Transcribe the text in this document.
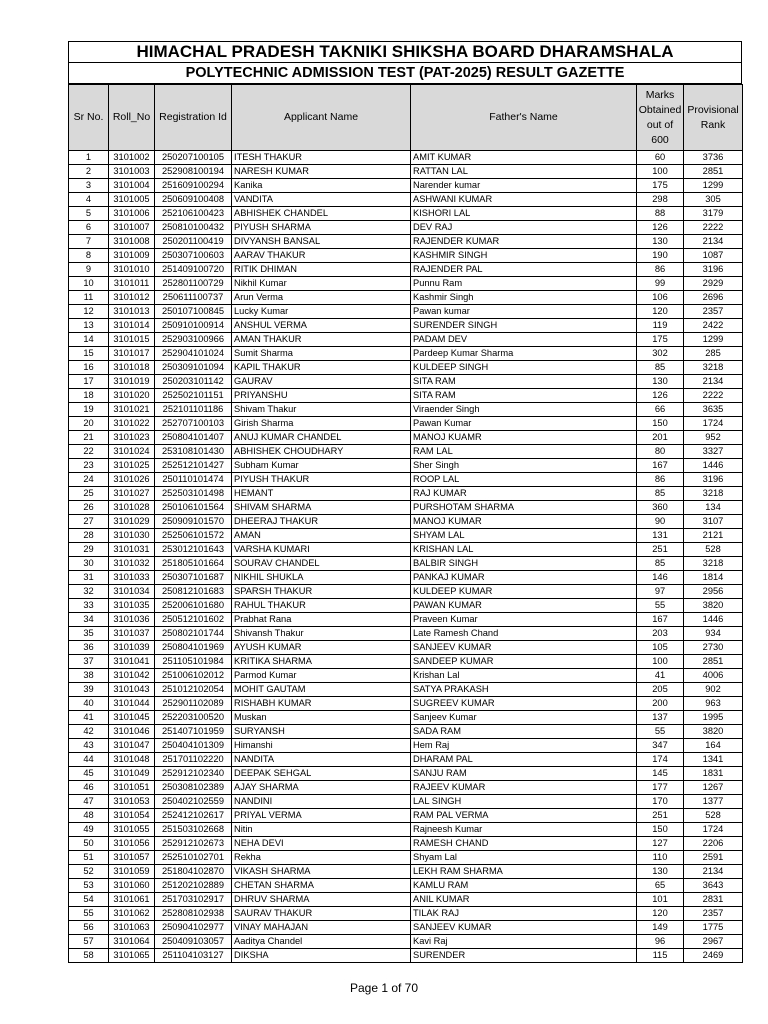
HIMACHAL PRADESH TAKNIKI SHIKSHA BOARD DHARAMSHALA
POLYTECHNIC ADMISSION TEST (PAT-2025) RESULT GAZETTE
Sr No.	Roll_No	Registration Id	Applicant Name	Father's Name	Marks Obtained out of 600	Provisional Rank
1	3101002	250207100105	ITESH THAKUR	AMIT KUMAR	60	3736
2	3101003	252908100194	NARESH KUMAR	RATTAN LAL	100	2851
3	3101004	251609100294	Kanika	Narender kumar	175	1299
4	3101005	250609100408	VANDITA	ASHWANI KUMAR	298	305
5	3101006	252106100423	ABHISHEK CHANDEL	KISHORI LAL	88	3179
6	3101007	250810100432	PIYUSH SHARMA	DEV RAJ	126	2222
7	3101008	250201100419	DIVYANSH BANSAL	RAJENDER KUMAR	130	2134
8	3101009	250307100603	AARAV THAKUR	KASHMIR SINGH	190	1087
9	3101010	251409100720	RITIK DHIMAN	RAJENDER PAL	86	3196
10	3101011	252801100729	Nikhil Kumar	Punnu Ram	99	2929
11	3101012	250611100737	Arun Verma	Kashmir Singh	106	2696
12	3101013	250107100845	Lucky Kumar	Pawan kumar	120	2357
13	3101014	250910100914	ANSHUL VERMA	SURENDER SINGH	119	2422
14	3101015	252903100966	AMAN THAKUR	PADAM DEV	175	1299
15	3101017	252904101024	Sumit Sharma	Pardeep Kumar Sharma	302	285
16	3101018	250309101094	KAPIL THAKUR	KULDEEP SINGH	85	3218
17	3101019	250203101142	GAURAV	SITA RAM	130	2134
18	3101020	252502101151	PRIYANSHU	SITA RAM	126	2222
19	3101021	252101101186	Shivam Thakur	Viraender Singh	66	3635
20	3101022	252707100103	Girish Sharma	Pawan Kumar	150	1724
21	3101023	250804101407	ANUJ KUMAR CHANDEL	MANOJ KUAMR	201	952
22	3101024	253108101430	ABHISHEK CHOUDHARY	RAM LAL	80	3327
23	3101025	252512101427	Subham Kumar	Sher Singh	167	1446
24	3101026	250110101474	PIYUSH THAKUR	ROOP LAL	86	3196
25	3101027	252503101498	HEMANT	RAJ KUMAR	85	3218
26	3101028	250106101564	SHIVAM SHARMA	PURSHOTAM SHARMA	360	134
27	3101029	250909101570	DHEERAJ THAKUR	MANOJ KUMAR	90	3107
28	3101030	252506101572	AMAN	SHYAM LAL	131	2121
29	3101031	253012101643	VARSHA KUMARI	KRISHAN LAL	251	528
30	3101032	251805101664	SOURAV CHANDEL	BALBIR SINGH	85	3218
31	3101033	250307101687	NIKHIL SHUKLA	PANKAJ KUMAR	146	1814
32	3101034	250812101683	SPARSH THAKUR	KULDEEP KUMAR	97	2956
33	3101035	252006101680	RAHUL THAKUR	PAWAN KUMAR	55	3820
34	3101036	250512101602	Prabhat Rana	Praveen Kumar	167	1446
35	3101037	250802101744	Shivansh Thakur	Late Ramesh Chand	203	934
36	3101039	250804101969	AYUSH KUMAR	SANJEEV KUMAR	105	2730
37	3101041	251105101984	KRITIKA SHARMA	SANDEEP KUMAR	100	2851
38	3101042	251006102012	Parmod Kumar	Krishan Lal	41	4006
39	3101043	251012102054	MOHIT GAUTAM	SATYA PRAKASH	205	902
40	3101044	252901102089	RISHABH KUMAR	SUGREEV KUMAR	200	963
41	3101045	252203100520	Muskan	Sanjeev Kumar	137	1995
42	3101046	251407101959	SURYANSH	SADA RAM	55	3820
43	3101047	250404101309	Himanshi	Hem Raj	347	164
44	3101048	251701102220	NANDITA	DHARAM PAL	174	1341
45	3101049	252912102340	DEEPAK SEHGAL	SANJU RAM	145	1831
46	3101051	250308102389	AJAY SHARMA	RAJEEV KUMAR	177	1267
47	3101053	250402102559	NANDINI	LAL SINGH	170	1377
48	3101054	252412102617	PRIYAL VERMA	RAM PAL VERMA	251	528
49	3101055	251503102668	Nitin	Rajneesh Kumar	150	1724
50	3101056	252912102673	NEHA DEVI	RAMESH CHAND	127	2206
51	3101057	252510102701	Rekha	Shyam Lal	110	2591
52	3101059	251804102870	VIKASH SHARMA	LEKH RAM SHARMA	130	2134
53	3101060	251202102889	CHETAN SHARMA	KAMLU RAM	65	3643
54	3101061	251703102917	DHRUV SHARMA	ANIL KUMAR	101	2831
55	3101062	252808102938	SAURAV THAKUR	TILAK RAJ	120	2357
56	3101063	250904102977	VINAY MAHAJAN	SANJEEV KUMAR	149	1775
57	3101064	250409103057	Aaditya Chandel	Kavi Raj	96	2967
58	3101065	251104103127	DIKSHA	SURENDER	115	2469
Page 1 of 70
